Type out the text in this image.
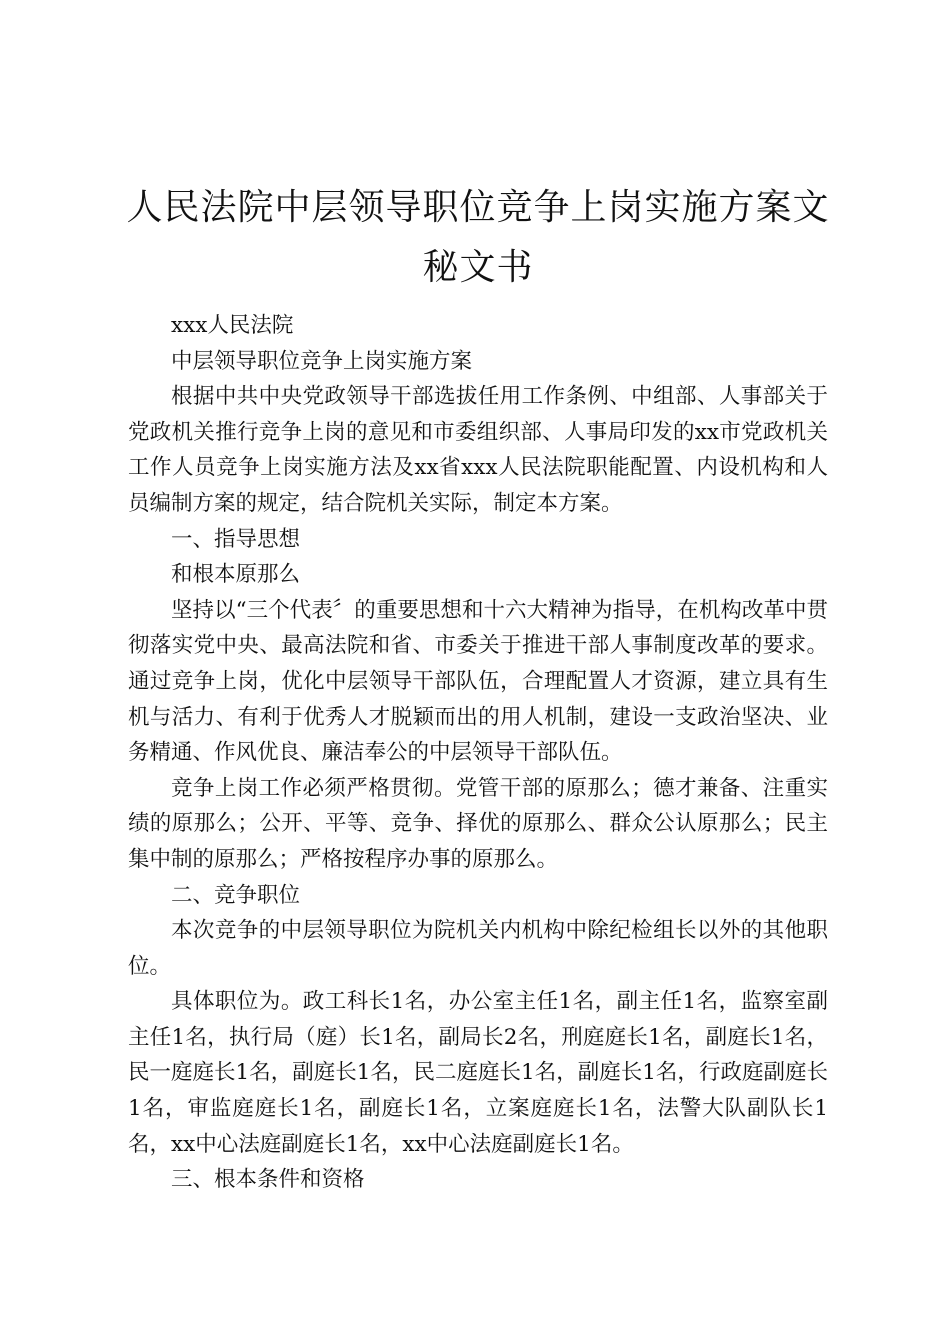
人民法院中层领导职位竞争上岗实施方案文秘文书

xxx人民法院

中层领导职位竞争上岗实施方案

根据中共中央党政领导干部选拔任用工作条例、中组部、人事部关于党政机关推行竞争上岗的意见和市委组织部、人事局印发的xx市党政机关工作人员竞争上岗实施方法及xx省xxx人民法院职能配置、内设机构和人员编制方案的规定，结合院机关实际，制定本方案。

一、指导思想

和根本原那么

坚持以“三个代表〞的重要思想和十六大精神为指导，在机构改革中贯彻落实党中央、最高法院和省、市委关于推进干部人事制度改革的要求。通过竞争上岗，优化中层领导干部队伍，合理配置人才资源，建立具有生机与活力、有利于优秀人才脱颖而出的用人机制，建设一支政治坚决、业务精通、作风优良、廉洁奉公的中层领导干部队伍。

竞争上岗工作必须严格贯彻。党管干部的原那么；德才兼备、注重实绩的原那么；公开、平等、竞争、择优的原那么、群众公认原那么；民主集中制的原那么；严格按程序办事的原那么。

二、竞争职位

本次竞争的中层领导职位为院机关内机构中除纪检组长以外的其他职位。

具体职位为。政工科长1名，办公室主任1名，副主任1名，监察室副主任1名，执行局（庭）长1名，副局长2名，刑庭庭长1名，副庭长1名，民一庭庭长1名，副庭长1名，民二庭庭长1名，副庭长1名，行政庭副庭长1名，审监庭庭长1名，副庭长1名，立案庭庭长1名，法警大队副队长1名，xx中心法庭副庭长1名，xx中心法庭副庭长1名。

三、根本条件和资格
